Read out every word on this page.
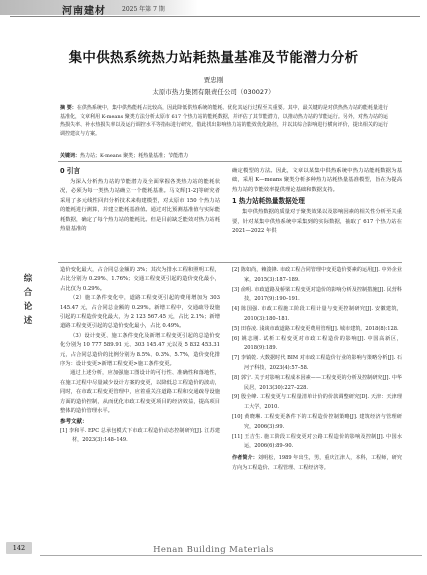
河南建材	2025 年第 7 期
集中供热系统热力站耗热量基准及节能潜力分析
贾忠刚
太原市热力集团有限责任公司（030027）
摘 要：在供热系统中，集中供热能耗占比较高，因此降低供热系统的能耗、优化其运行过程至关重要。其中，最关键的是对供热热力站的能耗量进行基准化，文章利用 K-means 聚类方法分析太原市 617 个热力站的能耗数据，并评估了其节能潜力，以推动热力站的节能运行。另外，对热力站的运热损失率、补水热损失率以及运行调控水平等指标进行研究，借此找出影响热力站的能效优化路径，并以其综合影响进行横向评价，提出相关的运行调控建议与方案。
关键词：热力站；K-means 聚类；耗热量基准；节能潜力
0 引言

为深入分析热力站的节能潜力及全面掌握各类热力站的能耗状况，必须为每一类热力站确立一个能耗基准。马文辉[1-2]等研究者采用了多元线性回归分析技术来构建模型，对太原市 150 个热力站的能耗进行测算，并建立能耗基准值。通过对比预测基准值与实际能耗数据，确定了每个热力站的能耗比。但是目前缺乏能效对热力站耗热量基准的

确定模型的方法。因此，文章以某集中供热系统中热力站能耗数据为基础，采用 K—means 聚类分析多种热力站耗热量基准模型，旨在为提高热力站的节能效率提供理论基础和数据支持。

1 热力站耗热量数据处理

集中供热数据的质量对于聚类效果以及影响因素的相关性分析至关重要，针对某集中供热系统中采集到的实际数据，抽取了 617 个热力站在 2021—2022 年供

综
合
论
述

造价变化最大，占合同总金额的 3%；其次为排水工程和照明工程，占比分别为 0.29%、1.76%；交通工程变更引起的造价变化最小，占比仅为 0.29%。

（2）施工条件变化中，道路工程变更引起的费用增加为 303 145.47 元，占合同总金额的 0.29%。新增工程中，交通疏导设施引起的工程造价变化最大，为 2 123 567.45 元，占比 2.1%；新增道路工程变更引起的总造价变化最小，占比 0.49%。

（3）设计变更、施工条件变化及新增工程变更引起的总造价变化分别为 10 777 589.91 元、303 145.47 元以及 5 832 453.31 元，占合同总造价的比例分别为 8.5%、0.3%、5.7%，造价变化排序为：设计变更>新增工程变更>施工条件变更。

通过上述分析，应加强施工图设计的可行性、准确性和落地性，在施工过程中尽量减少设计方案的变更，以降低总工程造价的波动，同时，在市政工程变更管理中，应着重关注道路工程和交通疏导设施方面的造价控制，从而优化市政工程变更项目的经济效益，提高项目整体的造价管理水平。

参考文献：
[1] 李和平. EPC 总承包模式下市政工程造价动态控制研究[J]. 江苏建材，2023(3):148–149.
[2] 陈如尚，赖浚锋. 市政工程合同管理中变更造价要素的运用[J]. 中外企业家，2015(3):187–189.
[3] 俞明. 市政道路及桥梁工程变更对造价的影响分析及控制措施[J]. 民营科技，2017(9):190–191.
[4] 陈国强. 市政工程施工阶段工程计量与变更控制研究[J]. 安徽建筑，2010(3):180–181.
[5] 田春凌. 浅谈市政道路工程变更费用管理[J]. 城市建筑，2018(8):128.
[6] 姚志刚. 试析工程变更对市政工程造价的影响[J]. 中国高新区，2018(9):189.
[7] 李镇乾. 大数据时代 BIM 对市政工程造价行业的影响与策略分析[J]. 石河子科技，2023(4):57–58.
[8] 郭宁. 关于对影响工程成本因素——工程变更的分析及控制研究[J]. 中华民居，2013(30):227–228.
[9] 殷全峰. 工程变更与工程量清单计价的价款调整研究[D]. 天津：天津理工大学，2010.
[10] 黄晓琳. 工程变更条件下的工程造价控制策略[J]. 建筑经济与管理研究，2006(3):99.
[11] 王吉生. 施工阶段工程变更对公路工程造价的影响及控制[J]. 中国水运，2006(6):89–90.
作者简介：刘明松，1989 年出生，男，重庆江津人，本科，工程师，研究方向为工程造价、工程管理、工程经济等。
142	Henan Building Materials
